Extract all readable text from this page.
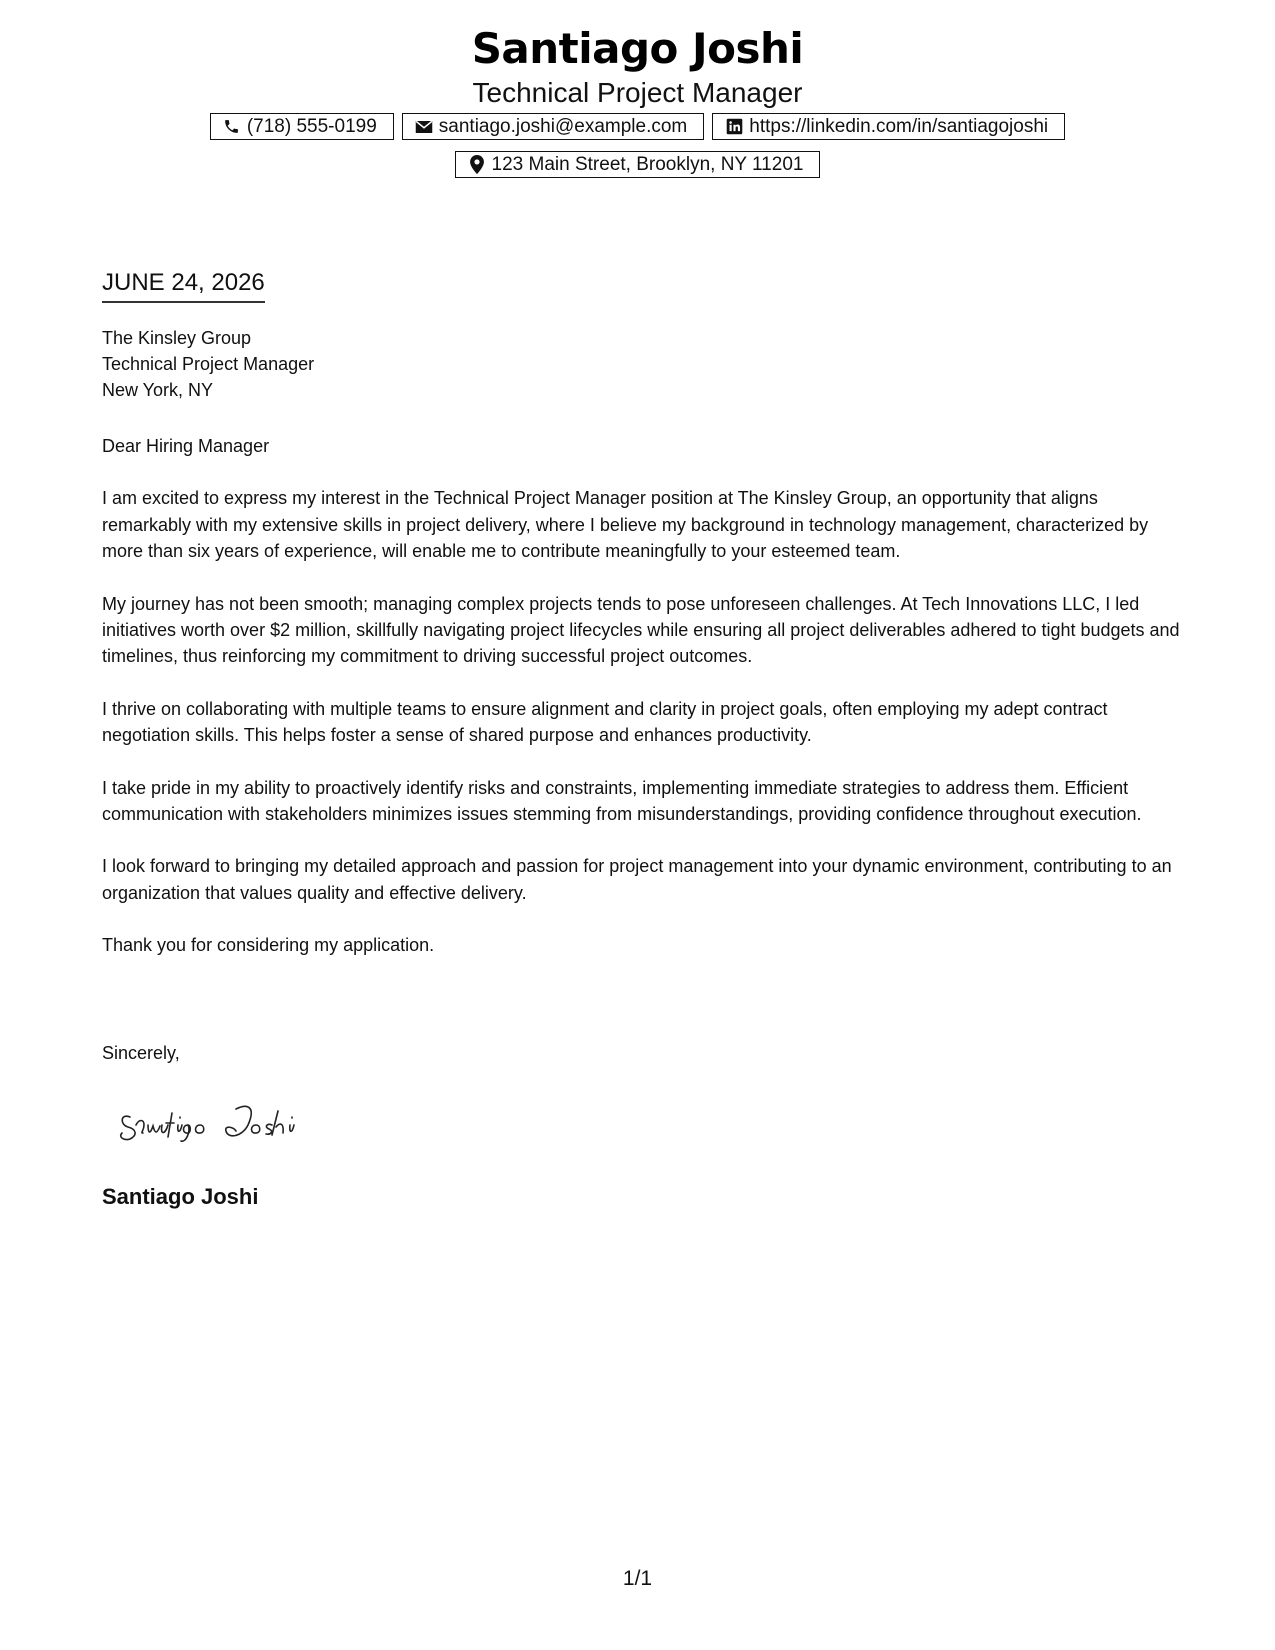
Santiago Joshi
Technical Project Manager
(718) 555-0199	santiago.joshi@example.com	https://linkedin.com/in/santiagojoshi
123 Main Street, Brooklyn, NY 11201
JUNE 24, 2026
The Kinsley Group
Technical Project Manager
New York, NY

Dear Hiring Manager

I am excited to express my interest in the Technical Project Manager position at The Kinsley Group, an opportunity that aligns remarkably with my extensive skills in project delivery, where I believe my background in technology management, characterized by more than six years of experience, will enable me to contribute meaningfully to your esteemed team.

My journey has not been smooth; managing complex projects tends to pose unforeseen challenges. At Tech Innovations LLC, I led initiatives worth over $2 million, skillfully navigating project lifecycles while ensuring all project deliverables adhered to tight budgets and timelines, thus reinforcing my commitment to driving successful project outcomes.

I thrive on collaborating with multiple teams to ensure alignment and clarity in project goals, often employing my adept contract negotiation skills. This helps foster a sense of shared purpose and enhances productivity.

I take pride in my ability to proactively identify risks and constraints, implementing immediate strategies to address them. Efficient communication with stakeholders minimizes issues stemming from misunderstandings, providing confidence throughout execution.

I look forward to bringing my detailed approach and passion for project management into your dynamic environment, contributing to an organization that values quality and effective delivery.

Thank you for considering my application.

Sincerely,
Santiago Joshi
1/1
